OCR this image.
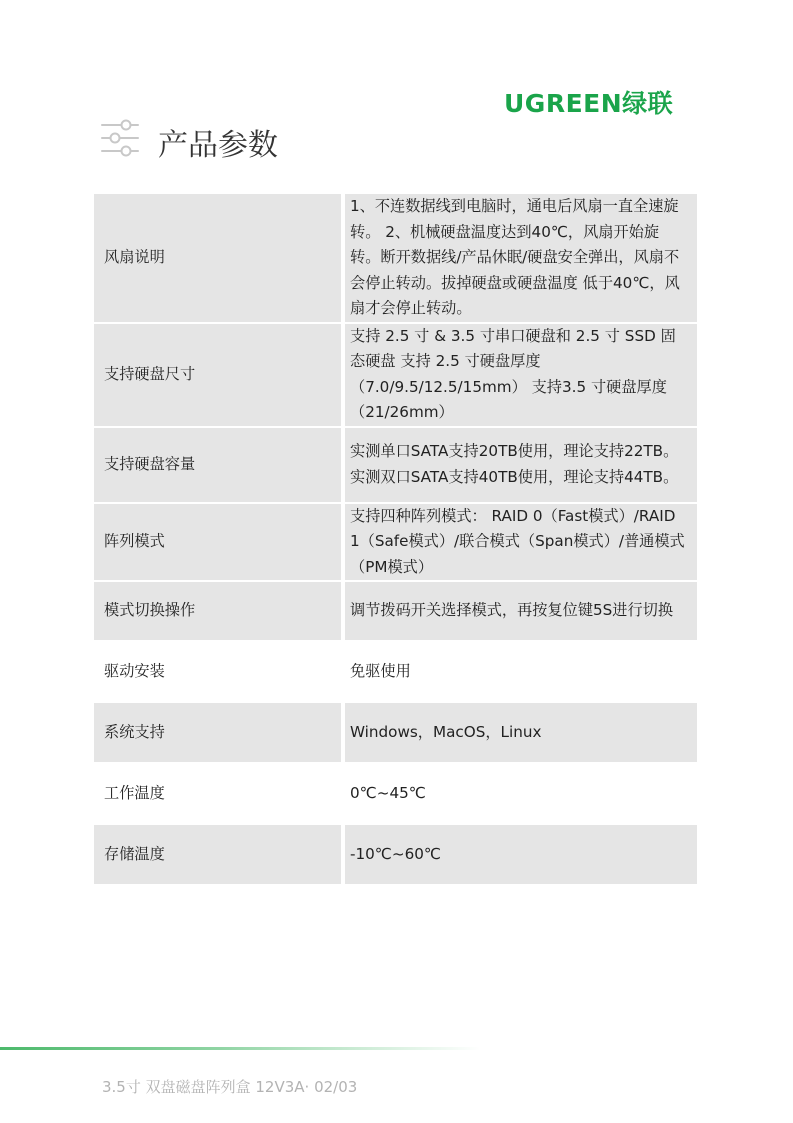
UGREEN绿联
产品参数
风扇说明	1、不连数据线到电脑时，通电后风扇一直全速旋转。 2、机械硬盘温度达到40℃，风扇开始旋转。断开数据线/产品休眠/硬盘安全弹出，风扇不会停止转动。拔掉硬盘或硬盘温度 低于40℃，风扇才会停止转动。
支持硬盘尺寸	支持 2.5 寸 & 3.5 寸串口硬盘和 2.5 寸 SSD 固态硬盘 支持 2.5 寸硬盘厚度（7.0/9.5/12.5/15mm） 支持3.5 寸硬盘厚度（21/26mm）
支持硬盘容量	实测单口SATA支持20TB使用，理论支持22TB。 实测双口SATA支持40TB使用，理论支持44TB。
阵列模式	支持四种阵列模式： RAID 0（Fast模式）/RAID 1（Safe模式）/联合模式（Span模式）/普通模式（PM模式）
模式切换操作	调节拨码开关选择模式，再按复位键5S进行切换
驱动安装	免驱使用
系统支持	Windows，MacOS，Linux
工作温度	0℃~45℃
存储温度	-10℃~60℃
3.5寸 双盘磁盘阵列盒 12V3A· 02/03
